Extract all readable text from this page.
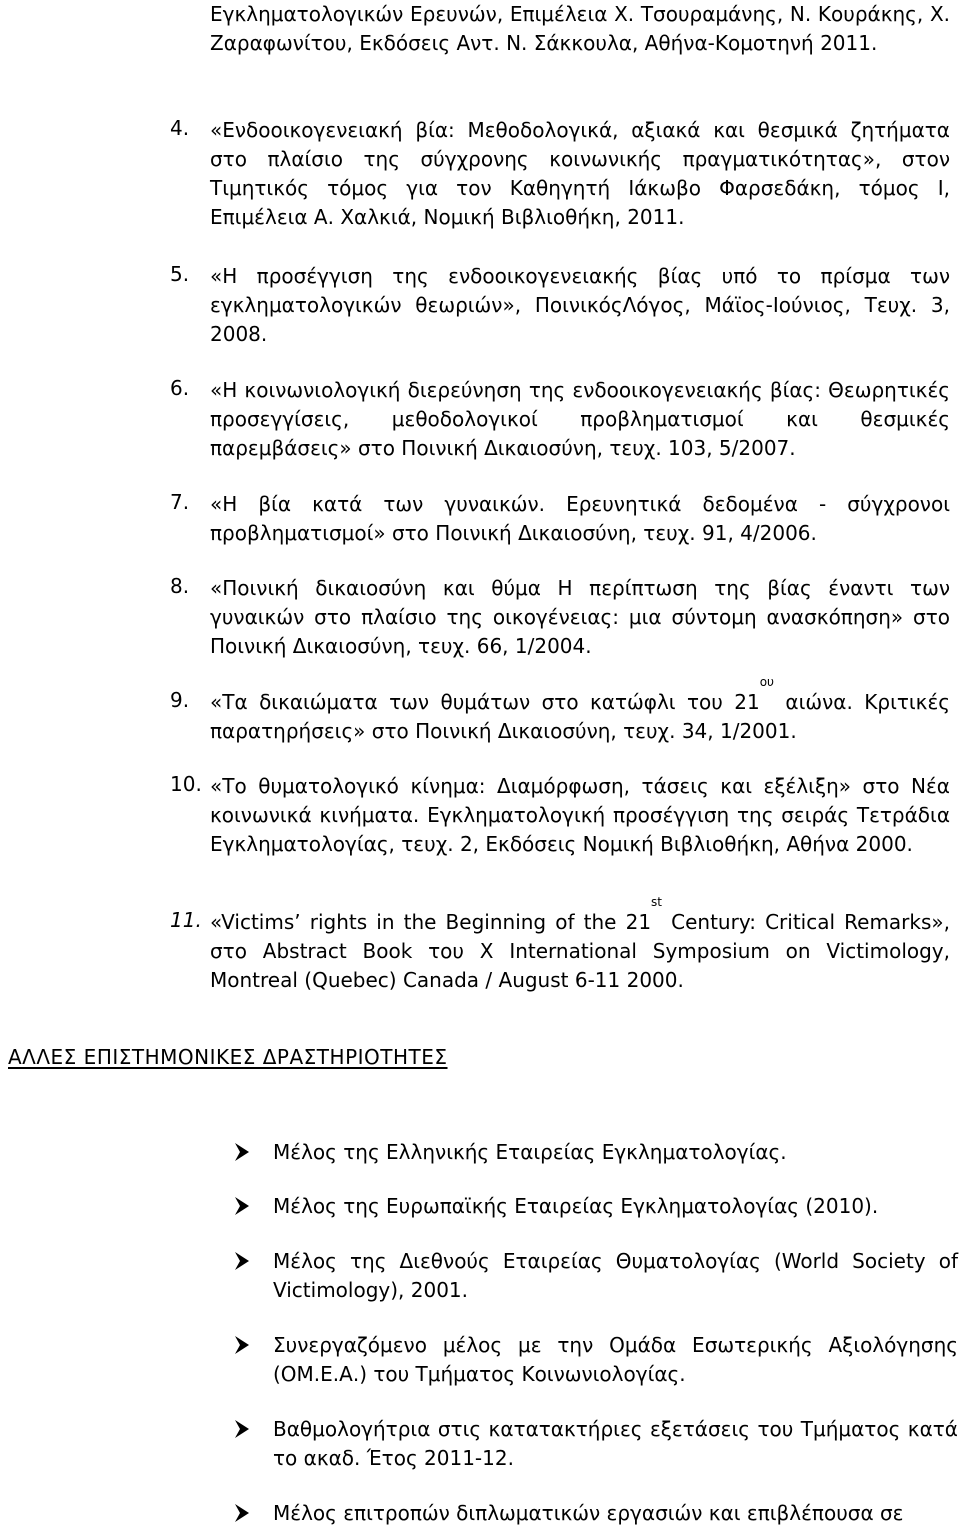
Εγκληματολογικών Ερευνών, Επιμέλεια Χ. Τσουραμάνης, Ν. Κουράκης, Χ. Ζαραφωνίτου, Εκδόσεις Αντ. Ν. Σάκκουλα, Αθήνα-Κομοτηνή 2011.
4.	«Ενδοοικογενειακή βία: Μεθοδολογικά, αξιακά και θεσμικά ζητήματα στο πλαίσιο της σύγχρονης κοινωνικής πραγματικότητας», στον Τιμητικός τόμος για τον Καθηγητή Ιάκωβο Φαρσεδάκη, τόμος Ι, Επιμέλεια Α. Χαλκιά, Νομική Βιβλιοθήκη, 2011.
5.	«Η προσέγγιση της ενδοοικογενειακής βίας υπό το πρίσμα των εγκληματολογικών θεωριών», ΠοινικόςΛόγος, Μάϊος-Ιούνιος, Τευχ. 3, 2008.
6.	«Η κοινωνιολογική διερεύνηση της ενδοοικογενειακής βίας: Θεωρητικές προσεγγίσεις, μεθοδολογικοί προβληματισμοί και θεσμικές παρεμβάσεις» στο Ποινική Δικαιοσύνη, τευχ. 103, 5/2007.
7.	«Η βία κατά των γυναικών. Ερευνητικά δεδομένα - σύγχρονοι προβληματισμοί» στο Ποινική Δικαιοσύνη, τευχ. 91, 4/2006.
8.	«Ποινική δικαιοσύνη και θύμα Η περίπτωση της βίας έναντι των γυναικών στο πλαίσιο της οικογένειας: μια σύντομη ανασκόπηση» στο Ποινική Δικαιοσύνη, τευχ. 66, 1/2004.
9.	«Τα δικαιώματα των θυμάτων στο κατώφλι του $21^{o\upsilon}$ αιώνα. Κριτικές παρατηρήσεις» στο Ποινική Δικαιοσύνη, τευχ. 34, 1/2001.
10. «Το θυματολογικό κίνημα: Διαμόρφωση, τάσεις και εξέλιξη» στο Νέα κοινωνικά κινήματα. Εγκληματολογική προσέγγιση της σειράς Τετράδια Εγκληματολογίας, τευχ. 2, Εκδόσεις Νομική Βιβλιοθήκη, Αθήνα 2000.
11. «Victims’ rights in the Beginning of the 21st Century: Critical Remarks», στο Abstract Book του X International Symposium on Victimology, Montreal (Quebec) Canada / August 6-11 2000.
ΑΛΛΕΣ ΕΠΙΣΤΗΜΟΝΙΚΕΣ ΔΡΑΣΤΗΡΙΟΤΗΤΕΣ
Μέλος της Ελληνικής Εταιρείας Εγκληματολογίας.
Μέλος της Ευρωπαϊκής Εταιρείας Εγκληματολογίας (2010).
Μέλος της Διεθνούς Εταιρείας Θυματολογίας (World Society of Victimology), 2001.
Συνεργαζόμενο μέλος με την Ομάδα Εσωτερικής Αξιολόγησης (ΟΜ.Ε.Α.) του Τμήματος Κοινωνιολογίας.
Βαθμολογήτρια στις κατατακτήριες εξετάσεις του Τμήματος κατά το ακαδ. Έτος 2011-12.
Μέλος επιτροπών διπλωματικών εργασιών και επιβλέπουσα σε
